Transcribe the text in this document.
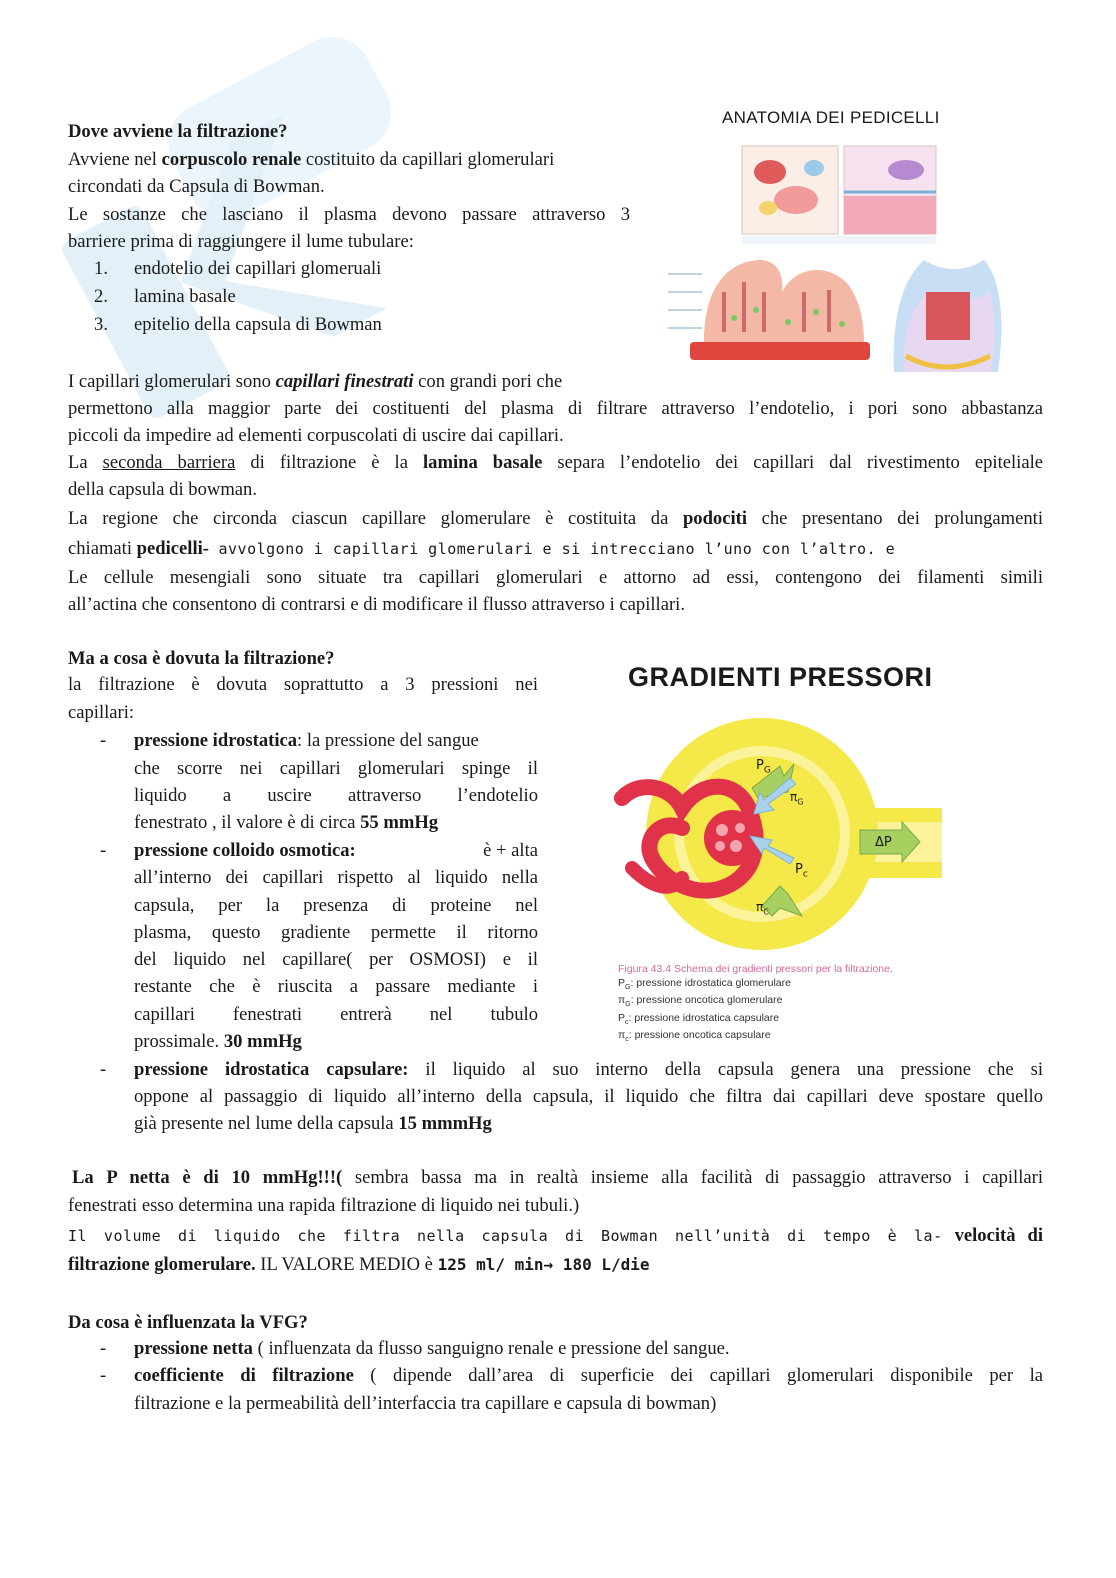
Dove avviene la filtrazione?
Avviene nel corpuscolo renale costituito da capillari glomerulari
circondati da Capsula di Bowman.
Le sostanze che lasciano il plasma devono passare attraverso 3
barriere prima di raggiungere il lume tubulare:
1. endotelio dei capillari glomeruali
2. lamina basale
3. epitelio della capsula di Bowman
I capillari glomerulari sono capillari finestrati con grandi pori che
permettono alla maggior parte dei costituenti del plasma di filtrare attraverso l’endotelio, i pori sono abbastanza
piccoli da impedire ad elementi corpuscolati di uscire dai capillari.
La seconda barriera di filtrazione è la lamina basale separa l’endotelio dei capillari dal rivestimento epiteliale
della capsula di bowman.
La regione che circonda ciascun capillare glomerulare è costituita da podociti che presentano dei prolungamenti
chiamati pedicelli- avvolgono i capillari glomerulari e si intrecciano l’uno con l’altro. e
Le cellule mesengiali sono situate tra capillari glomerulari e attorno ad essi, contengono dei filamenti simili
all’actina che consentono di contrarsi e di modificare il flusso attraverso i capillari.
ANATOMIA DEI PEDICELLI
Ma a cosa è dovuta la filtrazione?
la filtrazione è dovuta soprattutto a 3 pressioni nei
capillari:
-	pressione idrostatica: la pressione del sangue
che scorre nei capillari glomerulari spinge il
liquido a uscire attraverso l’endotelio
fenestrato , il valore è di circa 55 mmHg
-	pressione colloido osmotica:	è + alta
all’interno dei capillari rispetto al liquido nella
capsula, per la presenza di proteine nel
plasma, questo gradiente permette il ritorno
del liquido nel capillare( per OSMOSI) e il
restante che è riuscita a passare mediante i
capillari fenestrati entrerà nel tubulo
prossimale. 30 mmHg
-	pressione idrostatica capsulare: il liquido al suo interno della capsula genera una pressione che si
oppone al passaggio di liquido all’interno della capsula, il liquido che filtra dai capillari deve spostare quello
già presente nel lume della capsula 15 mmmHg
GRADIENTI PRESSORI
$P_G$
$\pi_G$
$P_c$
$\pi_C$
ΔP
Figura 43.4 Schema dei gradienti pressori per la filtrazione.
$P_G$: pressione idrostatica glomerulare
$\pi_G$: pressione oncotica glomerulare
$P_c$: pressione idrostatica capsulare
$\pi_c$: pressione oncotica capsulare
La P netta è di 10 mmHg!!!( sembra bassa ma in realtà insieme alla facilità di passaggio attraverso i capillari
fenestrati esso determina una rapida filtrazione di liquido nei tubuli.)
Il volume di liquido che filtra nella capsula di Bowman nell’unità di tempo è la- velocità di
filtrazione glomerulare. IL VALORE MEDIO è 125 ml/ min→ 180 L/die
Da cosa è influenzata la VFG?
-	pressione netta ( influenzata da flusso sanguigno renale e pressione del sangue.
-	coefficiente di filtrazione ( dipende dall’area di superficie dei capillari glomerulari disponibile per la
filtrazione e la permeabilità dell’interfaccia tra capillare e capsula di bowman)
